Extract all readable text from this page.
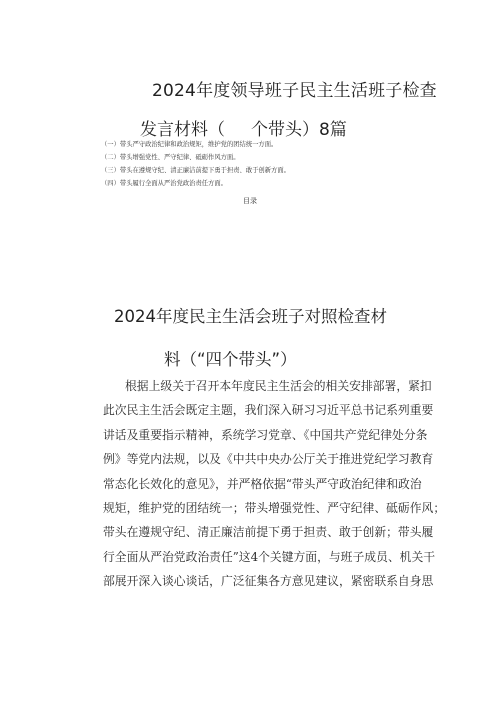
2024年度领导班子民主生活班子检查
发言材料（ 个带头）8篇
（一）带头严守政治纪律和政治规矩，维护党的团结统一方面。
（二）带头增强党性、严守纪律、砥砺作风方面。
（三）带头在遵规守纪、清正廉洁前提下勇于担责、敢于创新方面。
（四）带头履行全面从严治党政治责任方面。
目录
2024年度民主生活会班子对照检查材
料（“四个带头”）

根据上级关于召开本年度民主生活会的相关安排部署，紧扣
此次民主生活会既定主题，我们深入研习习近平总书记系列重要
讲话及重要指示精神，系统学习党章、《中国共产党纪律处分条
例》等党内法规，以及《中共中央办公厅关于推进党纪学习教育
常态化长效化的意见》，并严格依据“带头严守政治纪律和政治
规矩，维护党的团结统一；带头增强党性、严守纪律、砥砺作风；
带头在遵规守纪、清正廉洁前提下勇于担责、敢于创新；带头履
行全面从严治党政治责任”这4个关键方面，与班子成员、机关干
部展开深入谈心谈话，广泛征集各方意见建议，紧密联系自身思
